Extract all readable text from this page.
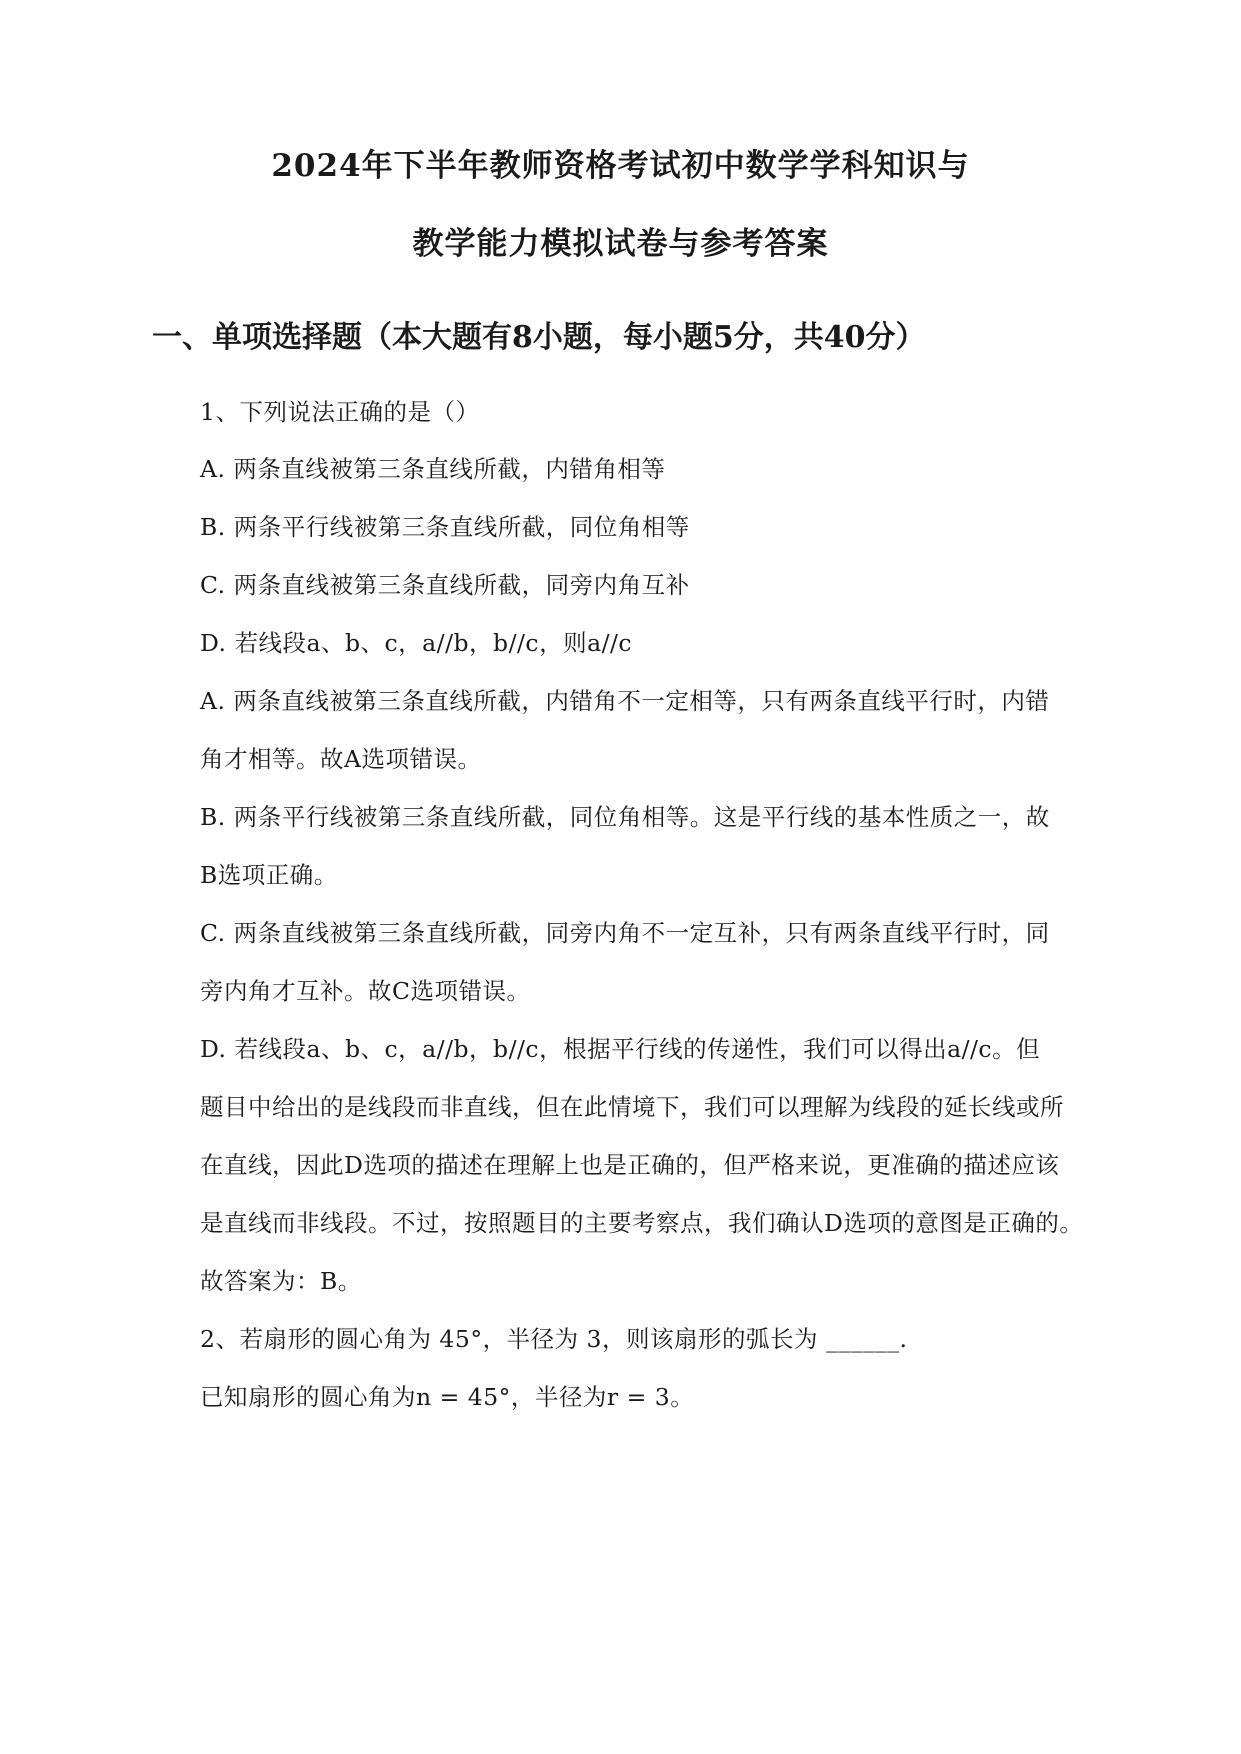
2024年下半年教师资格考试初中数学学科知识与
教学能力模拟试卷与参考答案
一、单项选择题（本大题有8小题，每小题5分，共40分）
1、下列说法正确的是（）
A. 两条直线被第三条直线所截，内错角相等
B. 两条平行线被第三条直线所截，同位角相等
C. 两条直线被第三条直线所截，同旁内角互补
D. 若线段a、b、c，a//b，b//c，则a//c
A. 两条直线被第三条直线所截，内错角不一定相等，只有两条直线平行时，内错
角才相等。故A选项错误。
B. 两条平行线被第三条直线所截，同位角相等。这是平行线的基本性质之一，故
B选项正确。
C. 两条直线被第三条直线所截，同旁内角不一定互补，只有两条直线平行时，同
旁内角才互补。故C选项错误。
D. 若线段a、b、c，a//b，b//c，根据平行线的传递性，我们可以得出a//c。但
题目中给出的是线段而非直线，但在此情境下，我们可以理解为线段的延长线或所
在直线，因此D选项的描述在理解上也是正确的，但严格来说，更准确的描述应该
是直线而非线段。不过，按照题目的主要考察点，我们确认D选项的意图是正确的。
故答案为：B。
2、若扇形的圆心角为 45°，半径为 3，则该扇形的弧长为 ______.
已知扇形的圆心角为n = 45°，半径为r = 3。
